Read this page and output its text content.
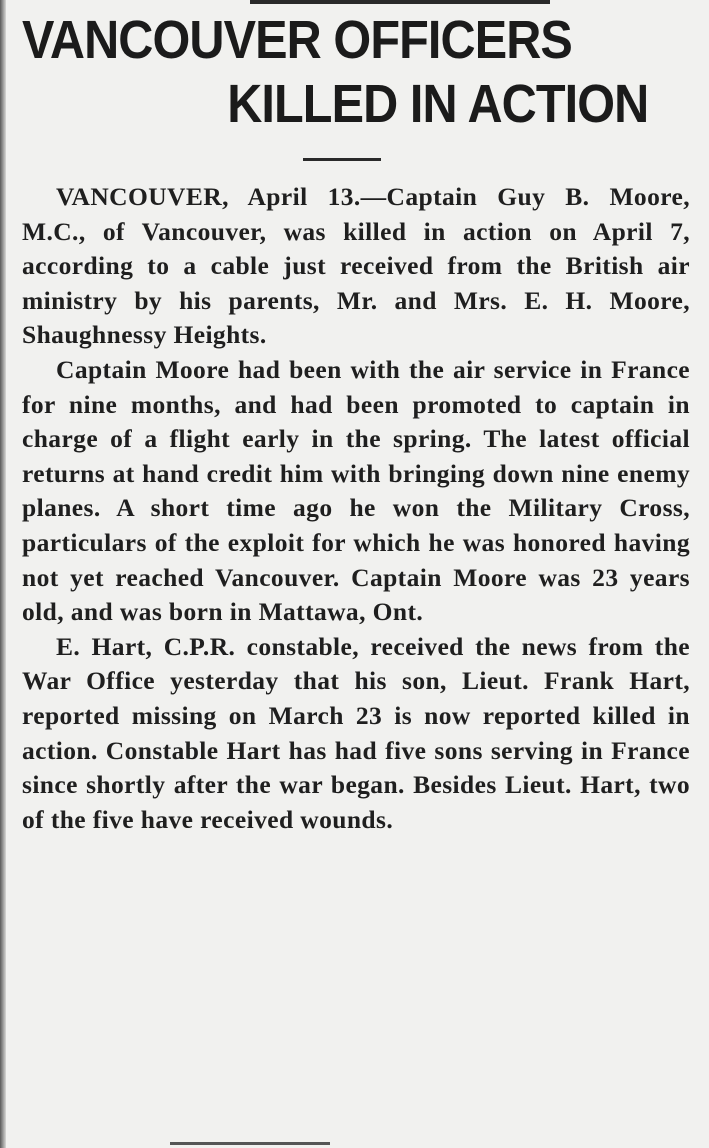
VANCOUVER OFFICERS
KILLED IN ACTION

VANCOUVER, April 13.—Captain Guy B. Moore, M.C., of Vancouver, was killed in action on April 7, according to a cable just received from the British air ministry by his parents, Mr. and Mrs. E. H. Moore, Shaughnessy Heights.

Captain Moore had been with the air service in France for nine months, and had been promoted to captain in charge of a flight early in the spring. The latest official returns at hand credit him with bringing down nine enemy planes. A short time ago he won the Military Cross, particulars of the exploit for which he was honored having not yet reached Vancouver. Captain Moore was 23 years old, and was born in Mattawa, Ont.

E. Hart, C.P.R. constable, received the news from the War Office yesterday that his son, Lieut. Frank Hart, reported missing on March 23 is now reported killed in action. Constable Hart has had five sons serving in France since shortly after the war began. Besides Lieut. Hart, two of the five have received wounds.
